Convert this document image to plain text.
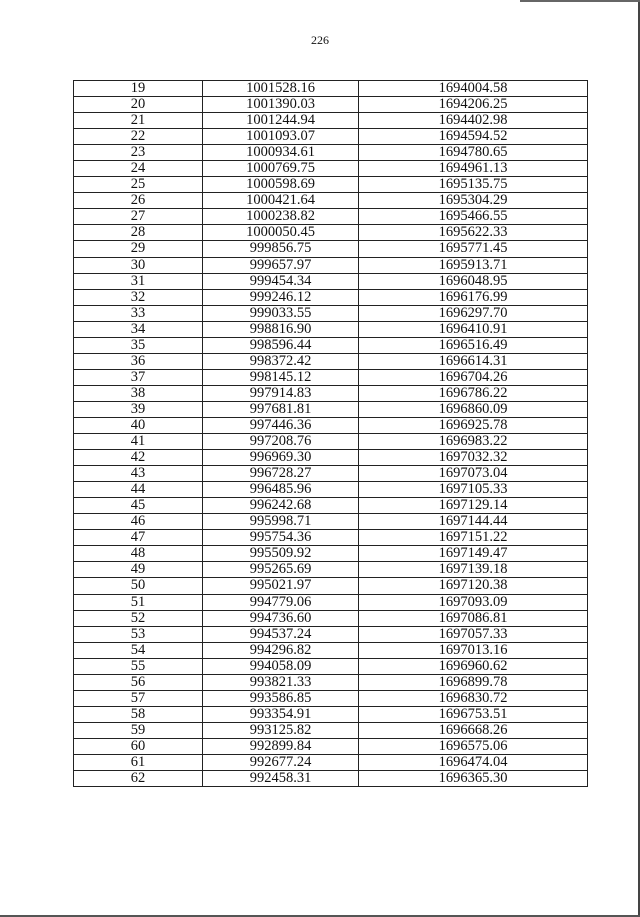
226
19	1001528.16	1694004.58
20	1001390.03	1694206.25
21	1001244.94	1694402.98
22	1001093.07	1694594.52
23	1000934.61	1694780.65
24	1000769.75	1694961.13
25	1000598.69	1695135.75
26	1000421.64	1695304.29
27	1000238.82	1695466.55
28	1000050.45	1695622.33
29	999856.75	1695771.45
30	999657.97	1695913.71
31	999454.34	1696048.95
32	999246.12	1696176.99
33	999033.55	1696297.70
34	998816.90	1696410.91
35	998596.44	1696516.49
36	998372.42	1696614.31
37	998145.12	1696704.26
38	997914.83	1696786.22
39	997681.81	1696860.09
40	997446.36	1696925.78
41	997208.76	1696983.22
42	996969.30	1697032.32
43	996728.27	1697073.04
44	996485.96	1697105.33
45	996242.68	1697129.14
46	995998.71	1697144.44
47	995754.36	1697151.22
48	995509.92	1697149.47
49	995265.69	1697139.18
50	995021.97	1697120.38
51	994779.06	1697093.09
52	994736.60	1697086.81
53	994537.24	1697057.33
54	994296.82	1697013.16
55	994058.09	1696960.62
56	993821.33	1696899.78
57	993586.85	1696830.72
58	993354.91	1696753.51
59	993125.82	1696668.26
60	992899.84	1696575.06
61	992677.24	1696474.04
62	992458.31	1696365.30
